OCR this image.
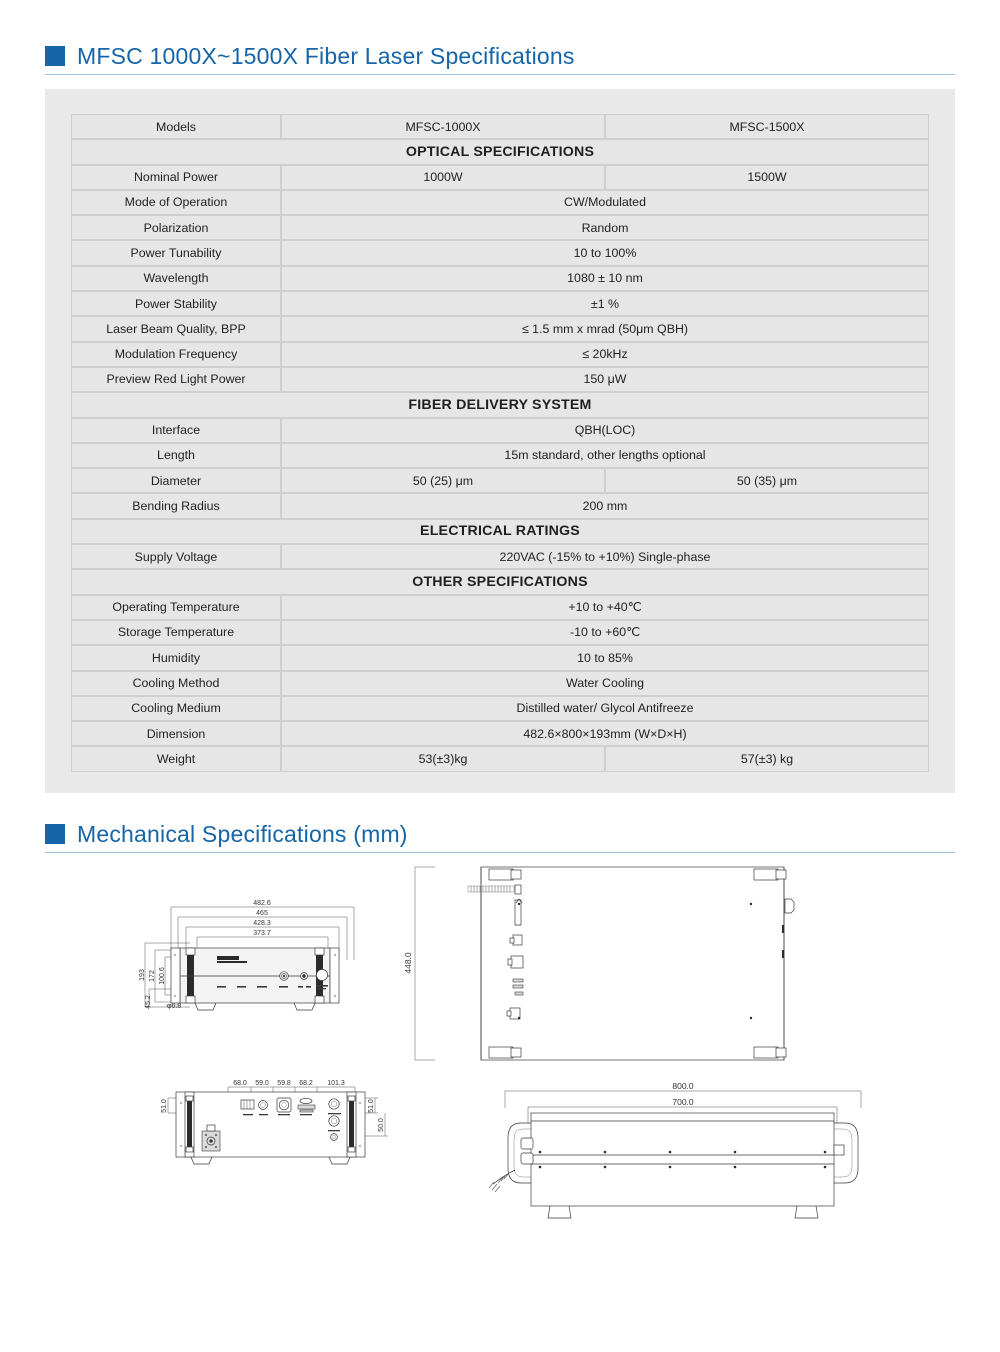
MFSC 1000X~1500X Fiber Laser Specifications
Models	MFSC-1000X	MFSC-1500X
OPTICAL SPECIFICATIONS		
Nominal Power	1000W	1500W
Mode of Operation	CW/Modulated	
Polarization	Random	
Power Tunability	10 to 100%	
Wavelength	1080 ± 10 nm	
Power Stability	±1 %	
Laser Beam Quality, BPP	≤ 1.5 mm x mrad (50μm QBH)	
Modulation Frequency	≤ 20kHz	
Preview Red Light Power	150 μW	
FIBER DELIVERY SYSTEM		
Interface	QBH(LOC)	
Length	15m standard, other lengths optional	
Diameter	50 (25) μm	50 (35) μm
Bending Radius	200 mm	
ELECTRICAL RATINGS		
Supply Voltage	220VAC (-15% to +10%) Single-phase	
OTHER SPECIFICATIONS		
Operating Temperature	+10 to +40℃	
Storage Temperature	-10 to +60℃	
Humidity	10 to 85%	
Cooling Method	Water Cooling	
Cooling Medium	Distilled water/ Glycol Antifreeze	
Dimension	482.6×800×193mm (W×D×H)	
Weight	53(±3)kg	57(±3) kg
Mechanical Specifications (mm)
482.6
465
428.3
373.7
193 172 100.6
45.2 φ6.8
448.0
68.0 59.0 59.8 68.2 101.3
51.0	51.0
50.0
800.0
700.0
